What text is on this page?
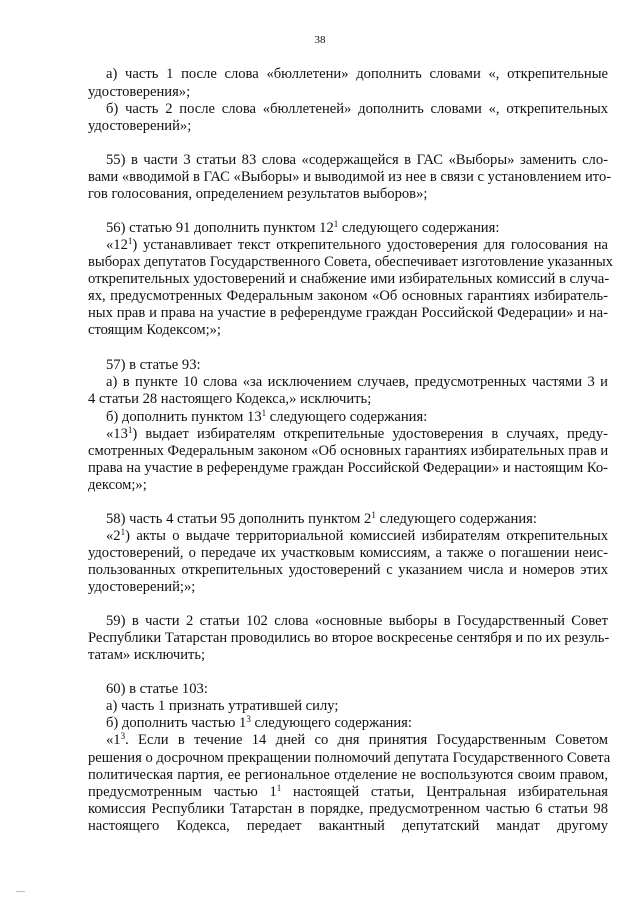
38
а) часть 1 после слова «бюллетени» дополнить словами «, открепительные
удостоверения»;
б) часть 2 после слова «бюллетеней» дополнить словами «, открепительных
удостоверений»;
55) в части 3 статьи 83 слова «содержащейся в ГАС «Выборы» заменить сло-
вами «вводимой в ГАС «Выборы» и выводимой из нее в связи с установлением ито-
гов голосования, определением результатов выборов»;
56) статью 91 дополнить пунктом $12^1$ следующего содержания:
«$12^1$) устанавливает текст открепительного удостоверения для голосования на
выборах депутатов Государственного Совета, обеспечивает изготовление указанных
открепительных удостоверений и снабжение ими избирательных комиссий в случа-
ях, предусмотренных Федеральным законом «Об основных гарантиях избиратель-
ных прав и права на участие в референдуме граждан Российской Федерации» и на-
стоящим Кодексом;»;
57) в статье 93:
а) в пункте 10 слова «за исключением случаев, предусмотренных частями 3 и
4 статьи 28 настоящего Кодекса,» исключить;
б) дополнить пунктом $13^1$ следующего содержания:
«$13^1$) выдает избирателям открепительные удостоверения в случаях, преду-
смотренных Федеральным законом «Об основных гарантиях избирательных прав и
права на участие в референдуме граждан Российской Федерации» и настоящим Ко-
дексом;»;
58) часть 4 статьи 95 дополнить пунктом $2^1$ следующего содержания:
«$2^1$) акты о выдаче территориальной комиссией избирателям открепительных
удостоверений, о передаче их участковым комиссиям, а также о погашении неис-
пользованных открепительных удостоверений с указанием числа и номеров этих
удостоверений;»;
59) в части 2 статьи 102 слова «основные выборы в Государственный Совет
Республики Татарстан проводились во второе воскресенье сентября и по их резуль-
татам» исключить;
60) в статье 103:
а) часть 1 признать утратившей силу;
б) дополнить частью $1^3$ следующего содержания:
«$1^3$. Если в течение 14 дней со дня принятия Государственным Советом
решения о досрочном прекращении полномочий депутата Государственного Совета
политическая партия, ее региональное отделение не воспользуются своим правом,
предусмотренным частью $1^1$ настоящей статьи, Центральная избирательная
комиссия Республики Татарстан в порядке, предусмотренном частью 6 статьи 98
настоящего Кодекса, передает вакантный депутатский мандат другому
—
